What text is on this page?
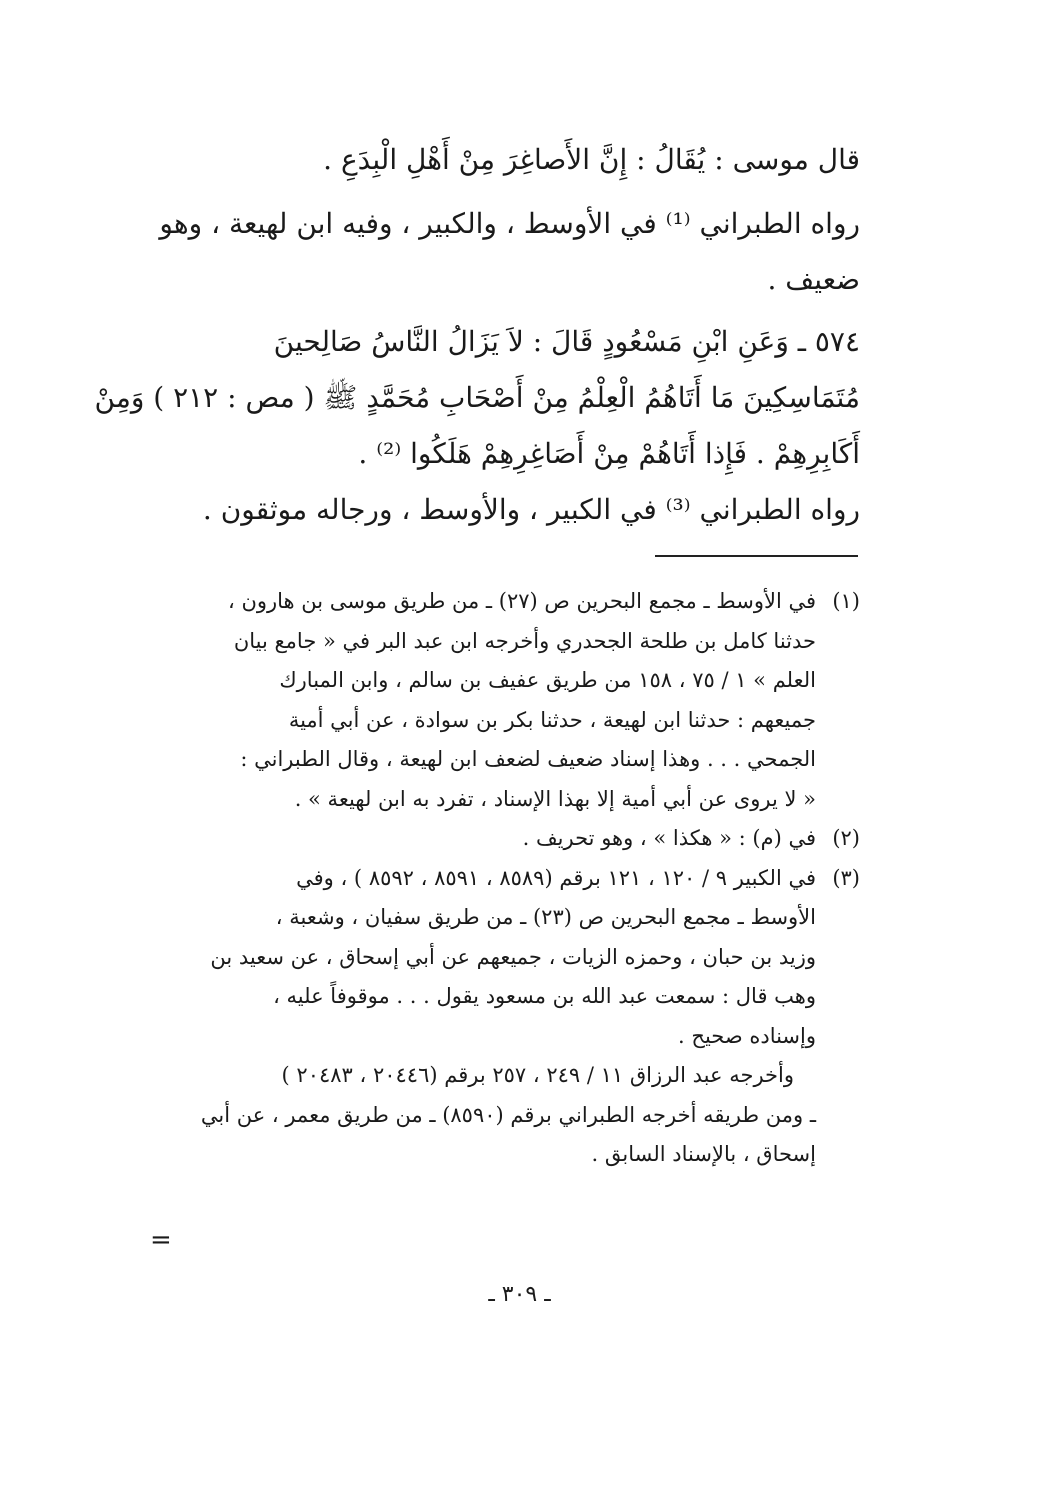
قال موسى : يُقَالُ : إِنَّ الأَصاغِرَ مِنْ أَهْلِ الْبِدَعِ .

رواه الطبراني ⁽¹⁾ في الأوسط ، والكبير ، وفيه ابن لهيعة ، وهو
ضعيف .

٥٧٤ ـ وَعَنِ ابْنِ مَسْعُودٍ قَالَ : لاَ يَزَالُ النَّاسُ صَالِحينَ
مُتَمَاسِكِينَ مَا أَتَاهُمُ الْعِلْمُ مِنْ أَصْحَابِ مُحَمَّدٍ ﷺ ( مص : ٢١٢ ) وَمِنْ
أَكَابِرِهِمْ . فَإِذا أَتَاهُمْ مِنْ أَصَاغِرِهِمْ هَلَكُوا ⁽²⁾ .

رواه الطبراني ⁽³⁾ في الكبير ، والأوسط ، ورجاله موثقون .

(١)
في الأوسط ـ مجمع البحرين ص (٢٧) ـ من طريق موسى بن هارون ،
حدثنا كامل بن طلحة الجحدري وأخرجه ابن عبد البر في « جامع بيان
العلم » ١ / ٧٥ ، ١٥٨ من طريق عفيف بن سالم ، وابن المبارك
جميعهم : حدثنا ابن لهيعة ، حدثنا بكر بن سوادة ، عن أبي أمية
الجمحي . . . وهذا إسناد ضعيف لضعف ابن لهيعة ، وقال الطبراني :
« لا يروى عن أبي أمية إلا بهذا الإسناد ، تفرد به ابن لهيعة » .
(٢)
في (م) : « هكذا » ، وهو تحريف .
(٣)
في الكبير ٩ / ١٢٠ ، ١٢١ برقم (٨٥٨٩ ، ٨٥٩١ ، ٨٥٩٢ ) ، وفي
الأوسط ـ مجمع البحرين ص (٢٣) ـ من طريق سفيان ، وشعبة ،
وزيد بن حبان ، وحمزه الزيات ، جميعهم عن أبي إسحاق ، عن سعيد بن
وهب قال : سمعت عبد الله بن مسعود يقول . . . موقوفاً عليه ،
وإسناده صحيح .
وأخرجه عبد الرزاق ١١ / ٢٤٩ ، ٢٥٧ برقم (٢٠٤٤٦ ، ٢٠٤٨٣ )
ـ ومن طريقه أخرجه الطبراني برقم (٨٥٩٠) ـ من طريق معمر ، عن أبي
إسحاق ، بالإسناد السابق .
=
ـ ٣٠٩ ـ
